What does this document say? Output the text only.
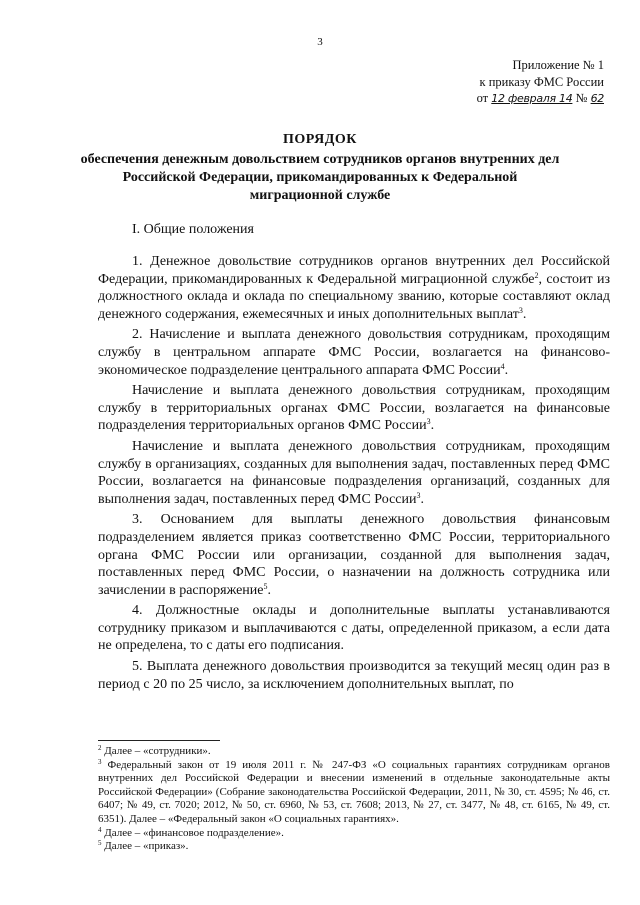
3
Приложение № 1
к приказу ФМС России
от 12 февраля 14 № 62
ПОРЯДОК
обеспечения денежным довольствием сотрудников органов внутренних дел Российской Федерации, прикомандированных к Федеральной миграционной службе
I. Общие положения

1. Денежное довольствие сотрудников органов внутренних дел Российской Федерации, прикомандированных к Федеральной миграционной службе$^2$, состоит из должностного оклада и оклада по специальному званию, которые составляют оклад денежного содержания, ежемесячных и иных дополнительных выплат$^3$.

2. Начисление и выплата денежного довольствия сотрудникам, проходящим службу в центральном аппарате ФМС России, возлагается на финансово-экономическое подразделение центрального аппарата ФМС России$^4$.

Начисление и выплата денежного довольствия сотрудникам, проходящим службу в территориальных органах ФМС России, возлагается на финансовые подразделения территориальных органов ФМС России$^3$.

Начисление и выплата денежного довольствия сотрудникам, проходящим службу в организациях, созданных для выполнения задач, поставленных перед ФМС России, возлагается на финансовые подразделения организаций, созданных для выполнения задач, поставленных перед ФМС России$^3$.

3. Основанием для выплаты денежного довольствия финансовым подразделением является приказ соответственно ФМС России, территориального органа ФМС России или организации, созданной для выполнения задач, поставленных перед ФМС России, о назначении на должность сотрудника или зачислении в распоряжение$^5$.

4. Должностные оклады и дополнительные выплаты устанавливаются сотруднику приказом и выплачиваются с даты, определенной приказом, а если дата не определена, то с даты его подписания.

5. Выплата денежного довольствия производится за текущий месяц один раз в период с 20 по 25 число, за исключением дополнительных выплат, по

$^2$ Далее – «сотрудники».

$^3$ Федеральный закон от 19 июля 2011 г. № 247-ФЗ «О социальных гарантиях сотрудникам органов внутренних дел Российской Федерации и внесении изменений в отдельные законодательные акты Российской Федерации» (Собрание законодательства Российской Федерации, 2011, № 30, ст. 4595; № 46, ст. 6407; № 49, ст. 7020; 2012, № 50, ст. 6960, № 53, ст. 7608; 2013, № 27, ст. 3477, № 48, ст. 6165, № 49, ст. 6351). Далее – «Федеральный закон «О социальных гарантиях».

$^4$ Далее – «финансовое подразделение».

$^5$ Далее – «приказ».
